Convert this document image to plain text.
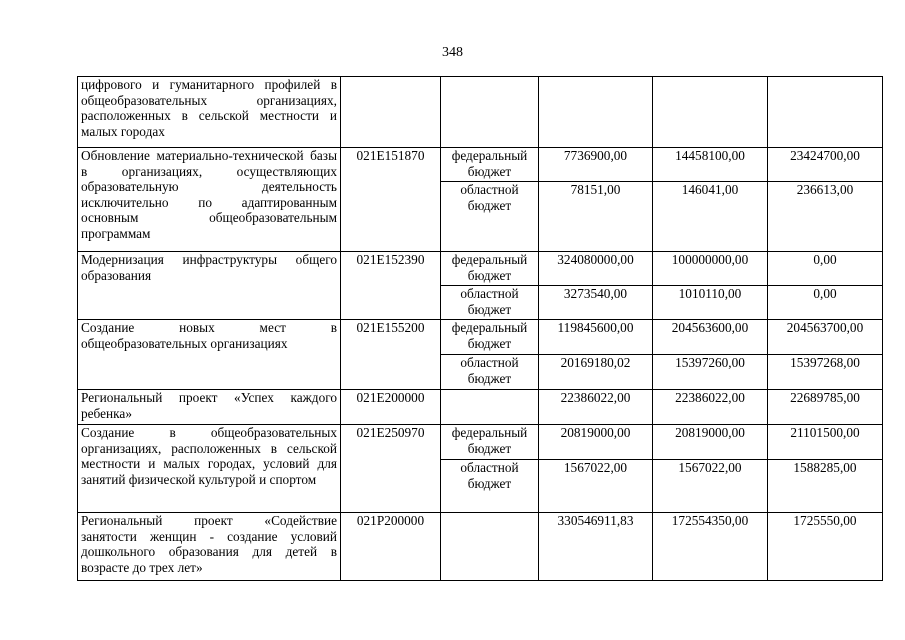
348
цифрового и гуманитарного профилей в общеобразовательных организациях, расположенных в сельской местности и малых городах					
Обновление материально-технической базы в организациях, осуществляющих образовательную деятельность исключительно по адаптированным основным общеобразовательным программам	021E151870	федеральный бюджет	7736900,00	14458100,00	23424700,00
		областной бюджет	78151,00	146041,00	236613,00
Модернизация инфраструктуры общего образования	021E152390	федеральный бюджет	324080000,00	100000000,00	0,00
		областной бюджет	3273540,00	1010110,00	0,00
Создание новых мест в общеобразовательных организациях	021E155200	федеральный бюджет	119845600,00	204563600,00	204563700,00
		областной бюджет	20169180,02	15397260,00	15397268,00
Региональный проект «Успех каждого ребенка»	021E200000		22386022,00	22386022,00	22689785,00
Создание в общеобразовательных организациях, расположенных в сельской местности и малых городах, условий для занятий физической культурой и спортом	021E250970	федеральный бюджет	20819000,00	20819000,00	21101500,00
		областной бюджет	1567022,00	1567022,00	1588285,00
Региональный проект «Содействие занятости женщин - создание условий дошкольного образования для детей в возрасте до трех лет»	021P200000		330546911,83	172554350,00	1725550,00
